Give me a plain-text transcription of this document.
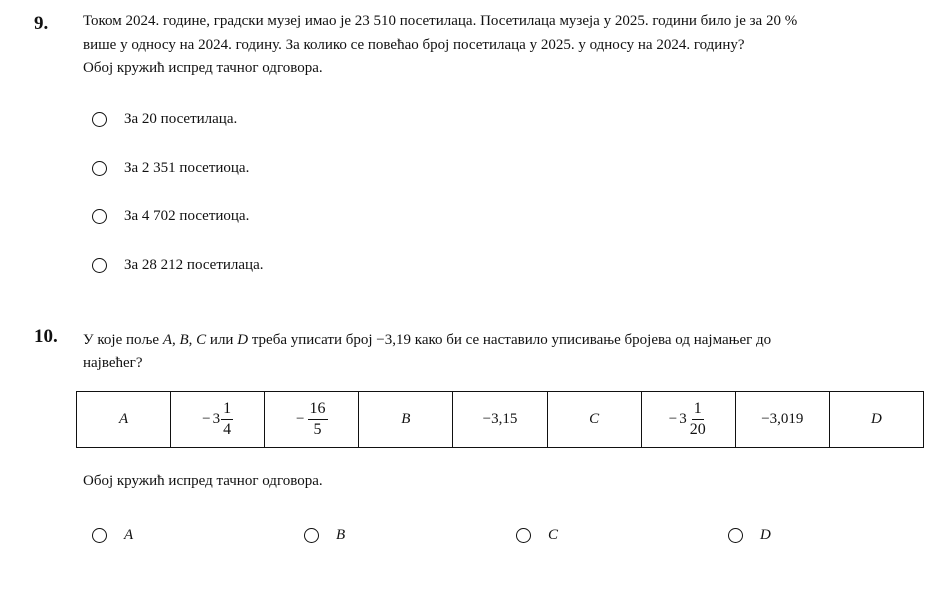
9. Током 2024. године, градски музеј имао је 23 510 посетилаца. Посетилаца музеја у 2025. години било је за 20 %
више у односу на 2024. годину. За колико се повећао број посетилаца у 2025. у односу на 2024. годину?
Обој кружић испред тачног одговора.
За 20 посетилаца.
За 2 351 посетиоца.
За 4 702 посетиоца.
За 28 212 посетилаца.
10. У које поље A, B, C или D треба уписати број −3,19 како би се наставило уписивање бројева од најмањег до
највећег?
A	− $3 \frac{1}{4}$	− $\frac{16}{5}$	B	−3,15	C	− $3 \frac{1}{20}$	−3,019	D
Обој кружић испред тачног одговора.
A	B	C	D
